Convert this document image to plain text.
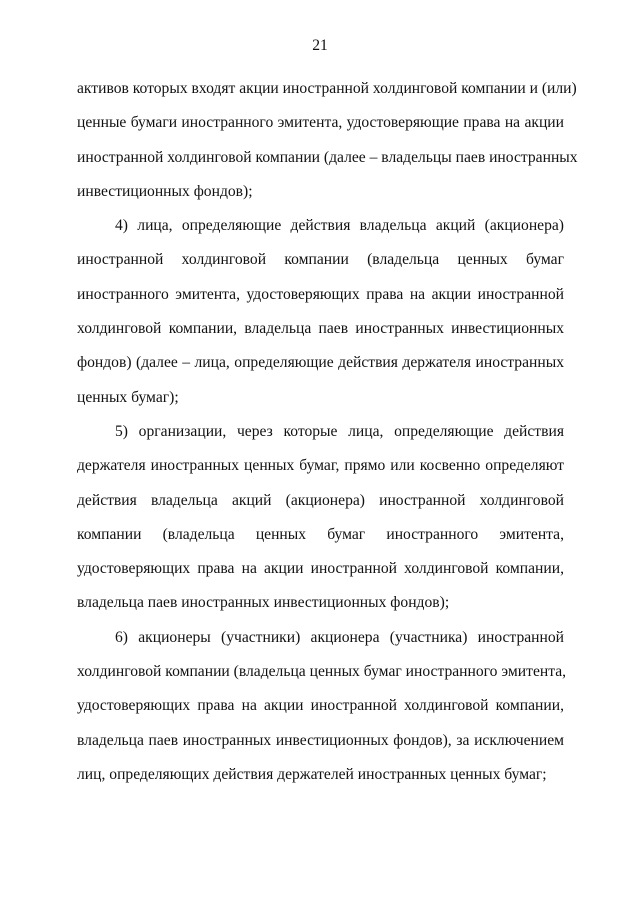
21
активов которых входят акции иностранной холдинговой компании и (или)
ценные бумаги иностранного эмитента, удостоверяющие права на акции
иностранной холдинговой компании (далее – владельцы паев иностранных
инвестиционных фондов);
4) лица, определяющие действия владельца акций (акционера)
иностранной холдинговой компании (владельца ценных бумаг
иностранного эмитента, удостоверяющих права на акции иностранной
холдинговой компании, владельца паев иностранных инвестиционных
фондов) (далее – лица, определяющие действия держателя иностранных
ценных бумаг);
5) организации, через которые лица, определяющие действия
держателя иностранных ценных бумаг, прямо или косвенно определяют
действия владельца акций (акционера) иностранной холдинговой
компании (владельца ценных бумаг иностранного эмитента,
удостоверяющих права на акции иностранной холдинговой компании,
владельца паев иностранных инвестиционных фондов);
6) акционеры (участники) акционера (участника) иностранной
холдинговой компании (владельца ценных бумаг иностранного эмитента,
удостоверяющих права на акции иностранной холдинговой компании,
владельца паев иностранных инвестиционных фондов), за исключением
лиц, определяющих действия держателей иностранных ценных бумаг;
